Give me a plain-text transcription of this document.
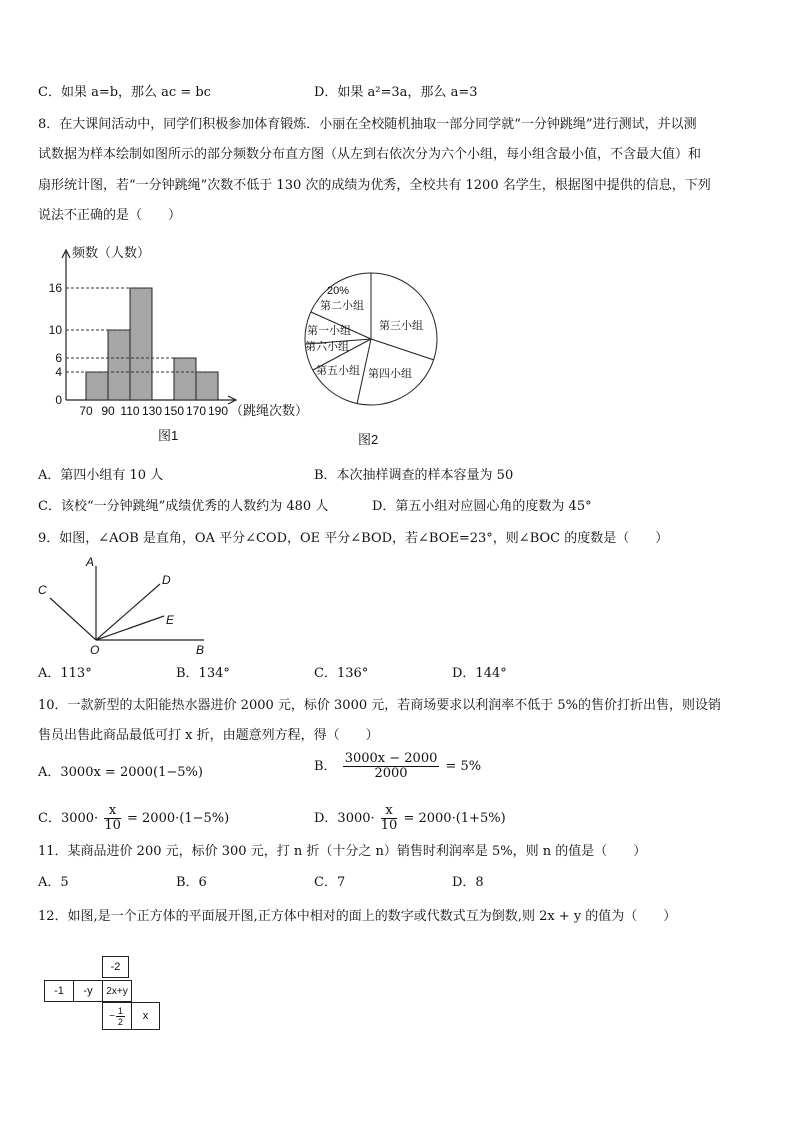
C．如果 a=b，那么 ac = bc	D．如果 a²=3a，那么 a=3
8．在大课间活动中，同学们积极参加体育锻炼．小丽在全校随机抽取一部分同学就“一分钟跳绳”进行测试，并以测
试数据为样本绘制如图所示的部分频数分布直方图（从左到右依次分为六个小组，每小组含最小值，不含最大值）和
扇形统计图，若“一分钟跳绳”次数不低于 130 次的成绩为优秀，全校共有 1200 名学生，根据图中提供的信息，下列
说法不正确的是（　　）
0
4
6
10
16
70 90 110 130 150 170 190
频数（人数）
（跳绳次数）
图1
20%
第二小组
第三小组
第一小组
第六小组
第五小组 第四小组
图2
A．第四小组有 10 人	B．本次抽样调查的样本容量为 50
C．该校“一分钟跳绳”成绩优秀的人数约为 480 人	D．第五小组对应圆心角的度数为 45°
9．如图，∠AOB 是直角，OA 平分∠COD，OE 平分∠BOD，若∠BOE=23°，则∠BOC 的度数是（　　）
A
C
D
E
O	B
A．113°	B．134°	C．136°	D．144°
10．一款新型的太阳能热水器进价 2000 元，标价 3000 元，若商场要求以利润率不低于 5%的售价打折出售，则设销
售员出售此商品最低可打 x 折，由题意列方程，得（　　）
A．3000x = 2000(1−5%)	B． $\frac{3000x - 2000}{2000} = 5\%$
C．$3000\cdot \frac{x}{10} = 2000\cdot(1-5\%)$	D．$3000\cdot \frac{x}{10} = 2000\cdot(1+5\%)$
11．某商品进价 200 元，标价 300 元，打 n 折（十分之 n）销售时利润率是 5%，则 n 的值是（　　）
A．5	B．6	C．7	D．8
12．如图,是一个正方体的平面展开图,正方体中相对的面上的数字或代数式互为倒数,则 2x + y 的值为（　　）
-2
-1	-y	2x+y
− $\frac{1}{2}$	x
